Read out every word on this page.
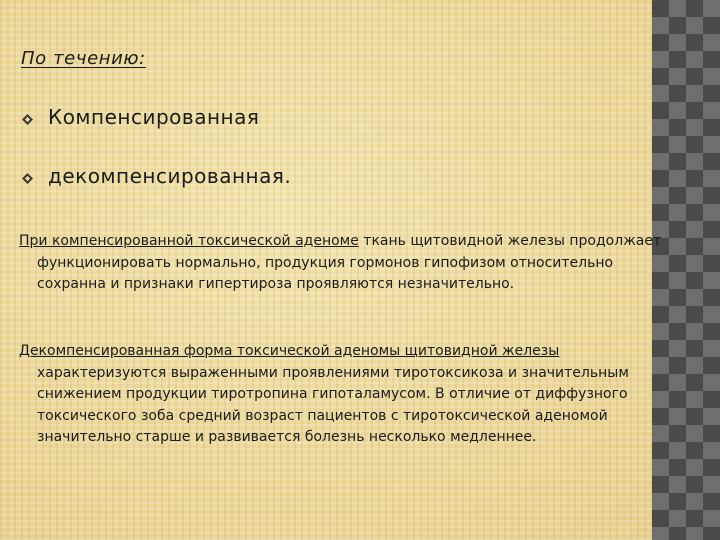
По течению:
Компенсированная
декомпенсированная.
При компенсированной токсической аденоме ткань щитовидной железы продолжает функционировать нормально, продукция гормонов гипофизом относительно сохранна и признаки гипертироза проявляются незначительно.
Декомпенсированная форма токсической аденомы щитовидной железы характеризуются выраженными проявлениями тиротоксикоза и значительным снижением продукции тиротропина гипоталамусом. В отличие от диффузного токсического зоба средний возраст пациентов с тиротоксической аденомой значительно старше и развивается болезнь несколько медленнее.
